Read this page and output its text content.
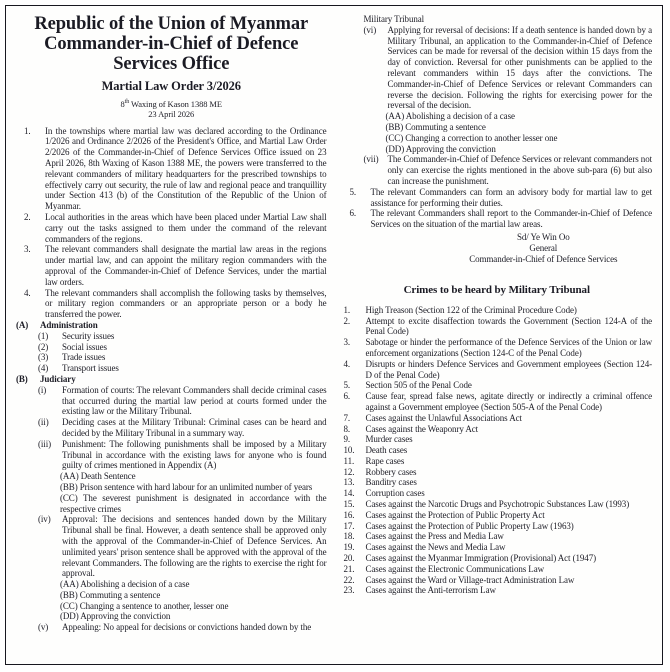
Republic of the Union of Myanmar
Commander-in-Chief of Defence
Services Office
Martial Law Order 3/2026
8th Waxing of Kason 1388 ME
23 April 2026
1.	In the townships where martial law was declared according to the Ordinance 1/2026 and Ordinance 2/2026 of the President's Office, and Martial Law Order 2/2026 of the Commander-in-Chief of Defence Services Office issued on 23 April 2026, 8th Waxing of Kason 1388 ME, the powers were transferred to the relevant commanders of military headquarters for the prescribed townships to effectively carry out security, the rule of law and regional peace and tranquillity under Section 413 (b) of the Constitution of the Republic of the Union of Myanmar.
2.	Local authorities in the areas which have been placed under Martial Law shall carry out the tasks assigned to them under the command of the relevant commanders of the regions.
3.	The relevant commanders shall designate the martial law areas in the regions under martial law, and can appoint the military region commanders with the approval of the Commander-in-Chief of Defence Services, under the martial law orders.
4.	The relevant commanders shall accomplish the following tasks by themselves, or military region commanders or an appropriate person or a body he transferred the power.
(A)	Administration
(1)	Security issues
(2)	Social issues
(3)	Trade issues
(4)	Transport issues
(B)	Judiciary
(i)	Formation of courts: The relevant Commanders shall decide criminal cases that occurred during the martial law period at courts formed under the existing law or the Military Tribunal.
(ii)	Deciding cases at the Military Tribunal: Criminal cases can be heard and decided by the Military Tribunal in a summary way.
(iii)	Punishment: The following punishments shall be imposed by a Military Tribunal in accordance with the existing laws for anyone who is found guilty of crimes mentioned in Appendix (A)
(AA) Death Sentence
(BB) Prison sentence with hard labour for an unlimited number of years
(CC) The severest punishment is designated in accordance with the respective crimes
(iv)	Approval: The decisions and sentences handed down by the Military Tribunal shall be final. However, a death sentence shall be approved only with the approval of the Commander-in-Chief of Defence Services. An unlimited years' prison sentence shall be approved with the approval of the relevant Commanders. The following are the rights to exercise the right for approval.
(AA) Abolishing a decision of a case
(BB) Commuting a sentence
(CC) Changing a sentence to another, lesser one
(DD) Approving the conviction
(v)	Appealing: No appeal for decisions or convictions handed down by the
Military Tribunal
(vi)	Applying for reversal of decisions: If a death sentence is handed down by a Military Tribunal, an application to the Commander-in-Chief of Defence Services can be made for reversal of the decision within 15 days from the day of conviction. Reversal for other punishments can be applied to the relevant commanders within 15 days after the convictions. The Commander-in-Chief of Defence Services or relevant Commanders can reverse the decision. Following the rights for exercising power for the reversal of the decision.
(AA) Abolishing a decision of a case
(BB) Commuting a sentence
(CC) Changing a correction to another lesser one
(DD) Approving the conviction
(vii)	The Commander-in-Chief of Defence Services or relevant commanders not only can exercise the rights mentioned in the above sub-para (6) but also can increase the punishment.
5.	The relevant Commanders can form an advisory body for martial law to get assistance for performing their duties.
6.	The relevant Commanders shall report to the Commander-in-Chief of Defence Services on the situation of the martial law areas.
Sd/ Ye Win Oo
General
Commander-in-Chief of Defence Services
Crimes to be heard by Military Tribunal
1.	High Treason (Section 122 of the Criminal Procedure Code)
2.	Attempt to excite disaffection towards the Government (Section 124-A of the Penal Code)
3.	Sabotage or hinder the performance of the Defence Services of the Union or law enforcement organizations (Section 124-C of the Penal Code)
4.	Disrupts or hinders Defence Services and Government employees (Section 124-D of the Penal Code)
5.	Section 505 of the Penal Code
6.	Cause fear, spread false news, agitate directly or indirectly a criminal offence against a Government employee (Section 505-A of the Penal Code)
7.	Cases against the Unlawful Associations Act
8.	Cases against the Weaponry Act
9.	Murder cases
10.	Death cases
11.	Rape cases
12.	Robbery cases
13.	Banditry cases
14.	Corruption cases
15.	Cases against the Narcotic Drugs and Psychotropic Substances Law (1993)
16.	Cases against the Protection of Public Property Act
17.	Cases against the Protection of Public Property Law (1963)
18.	Cases against the Press and Media Law
19.	Cases against the News and Media Law
20.	Cases against the Myanmar Immigration (Provisional) Act (1947)
21.	Cases against the Electronic Communications Law
22.	Cases against the Ward or Village-tract Administration Law
23.	Cases against the Anti-terrorism Law
